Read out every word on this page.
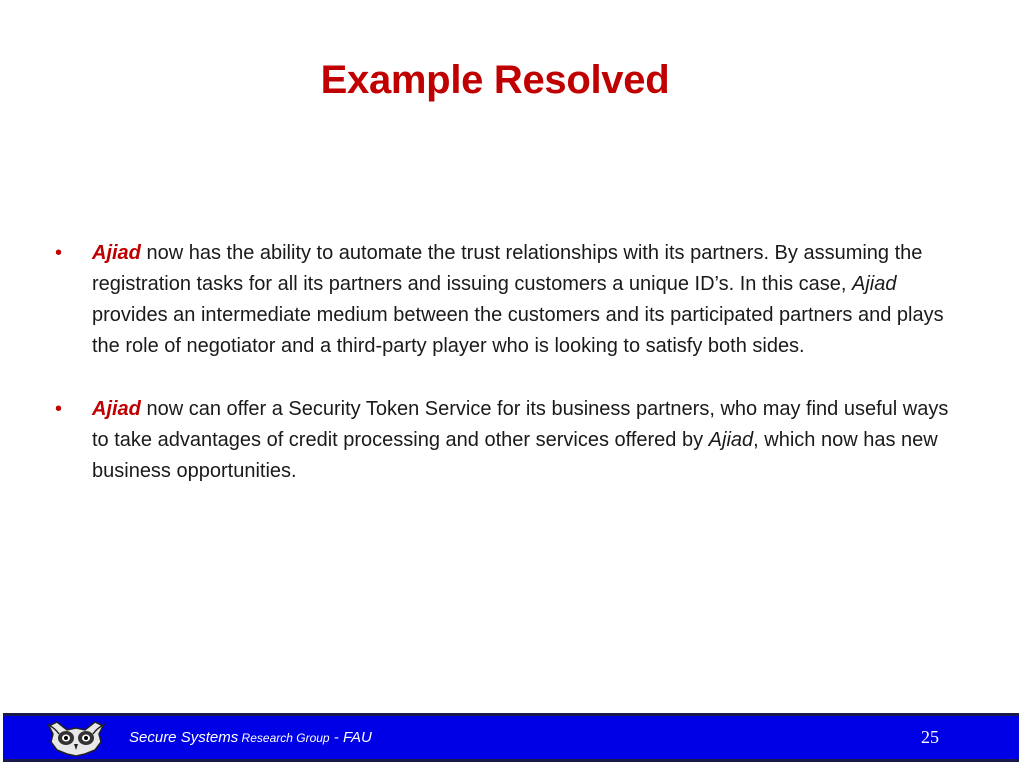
Example Resolved
•	Ajiad now has the ability to automate the trust relationships with its partners. By assuming the registration tasks for all its partners and issuing customers a unique ID’s. In this case, Ajiad provides an intermediate medium between the customers and its participated partners and plays the role of negotiator and a third-party player who is looking to satisfy both sides.
•	Ajiad now can offer a Security Token Service for its business partners, who may find useful ways to take advantages of credit processing and other services offered by Ajiad, which now has new business opportunities.
Secure Systems Research Group - FAU	25
